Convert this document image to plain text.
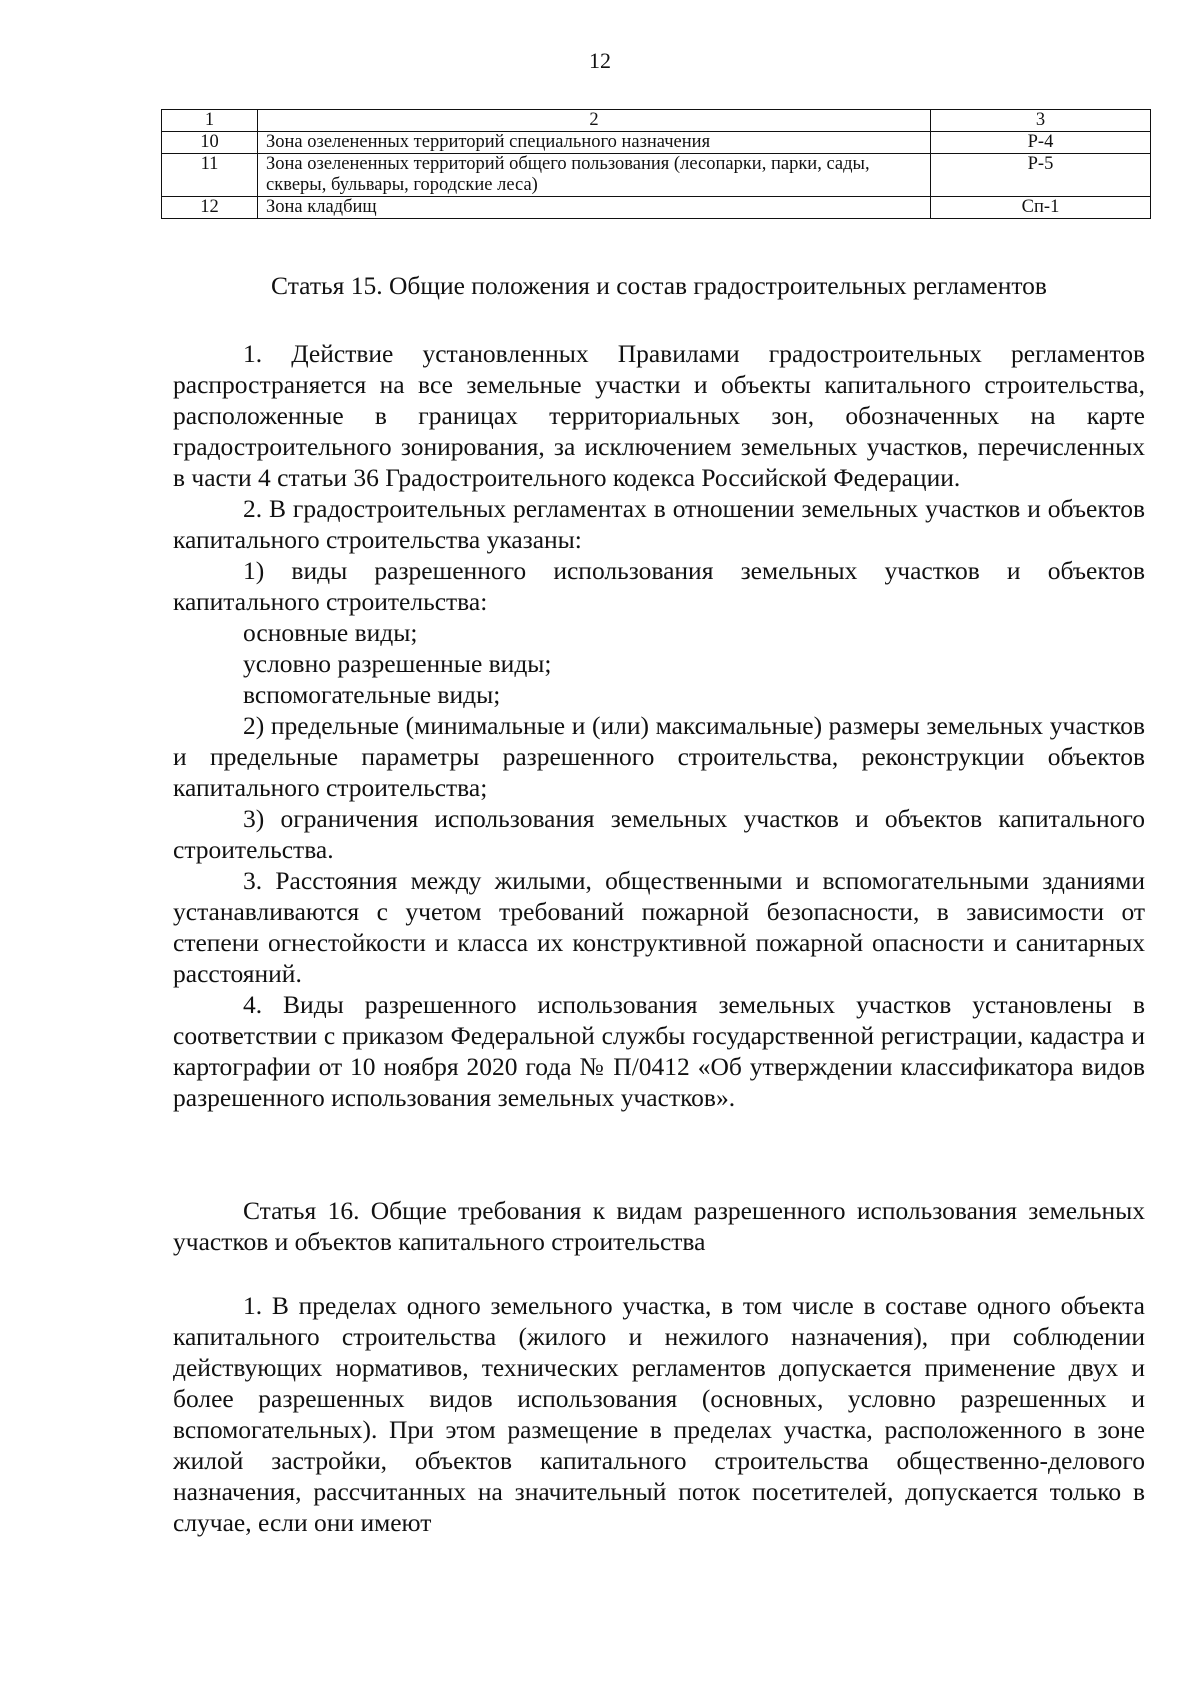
12
1	2	3
10	Зона озелененных территорий специального назначения	Р-4
11	Зона озелененных территорий общего пользования (лесопарки, парки, сады, скверы, бульвары, городские леса)	Р-5
12	Зона кладбищ	Сп-1
Статья 15. Общие положения и состав градостроительных регламентов

1. Действие установленных Правилами градостроительных регламентов распространяется на все земельные участки и объекты капитального строительства, расположенные в границах территориальных зон, обозначенных на карте градостроительного зонирования, за исключением земельных участков, перечисленных в части 4 статьи 36 Градостроительного кодекса Российской Федерации.

2. В градостроительных регламентах в отношении земельных участков и объектов капитального строительства указаны:

1) виды разрешенного использования земельных участков и объектов капитального строительства:

основные виды;

условно разрешенные виды;

вспомогательные виды;

2) предельные (минимальные и (или) максимальные) размеры земельных участков и предельные параметры разрешенного строительства, реконструкции объектов капитального строительства;

3) ограничения использования земельных участков и объектов капитального строительства.

3. Расстояния между жилыми, общественными и вспомогательными зданиями устанавливаются с учетом требований пожарной безопасности, в зависимости от степени огнестойкости и класса их конструктивной пожарной опасности и санитарных расстояний.

4. Виды разрешенного использования земельных участков установлены в соответствии с приказом Федеральной службы государственной регистрации, кадастра и картографии от 10 ноября 2020 года № П/0412 «Об утверждении классификатора видов разрешенного использования земельных участков».

Статья 16. Общие требования к видам разрешенного использования земельных участков и объектов капитального строительства

1. В пределах одного земельного участка, в том числе в составе одного объекта капитального строительства (жилого и нежилого назначения), при соблюдении действующих нормативов, технических регламентов допускается применение двух и более разрешенных видов использования (основных, условно разрешенных и вспомогательных). При этом размещение в пределах участка, расположенного в зоне жилой застройки, объектов капитального строительства общественно-делового назначения, рассчитанных на значительный поток посетителей, допускается только в случае, если они имеют
